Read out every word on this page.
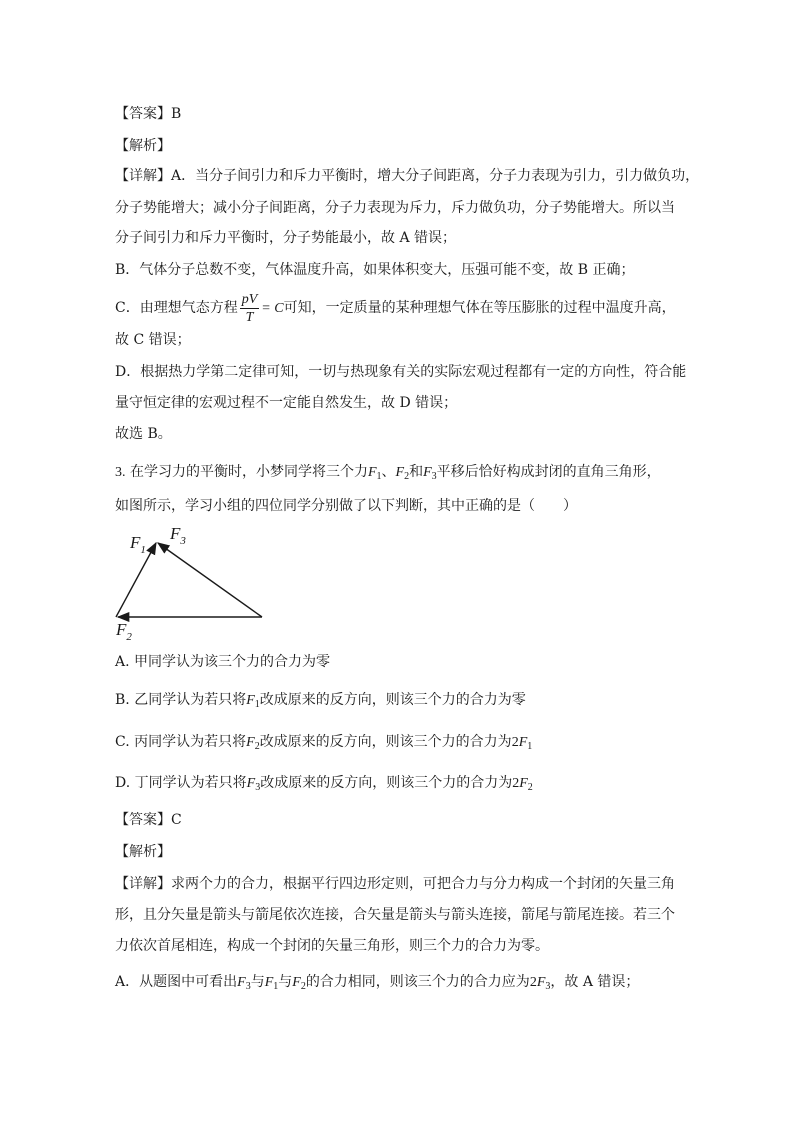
【答案】B
【解析】
【详解】A．当分子间引力和斥力平衡时，增大分子间距离，分子力表现为引力，引力做负功，
分子势能增大；减小分子间距离，分子力表现为斥力，斥力做负功，分子势能增大。所以当
分子间引力和斥力平衡时，分子势能最小，故 A 错误；
B．气体分子总数不变，气体温度升高，如果体积变大，压强可能不变，故 B 正确；
C．由理想气态方程 $\frac{pV}{T} = C$可知，一定质量的某种理想气体在等压膨胀的过程中温度升高，
故 C 错误；
D．根据热力学第二定律可知，一切与热现象有关的实际宏观过程都有一定的方向性，符合能
量守恒定律的宏观过程不一定能自然发生，故 D 错误；
故选 B。
3. 在学习力的平衡时，小梦同学将三个力$F_1$、$F_2$和$F_3$平移后恰好构成封闭的直角三角形，
如图所示，学习小组的四位同学分别做了以下判断，其中正确的是（　　）
$F_1$
$F_3$
$F_2$
A. 甲同学认为该三个力的合力为零
B. 乙同学认为若只将$F_1$改成原来的反方向，则该三个力的合力为零
C. 丙同学认为若只将$F_2$改成原来的反方向，则该三个力的合力为$2F_1$
D. 丁同学认为若只将$F_3$改成原来的反方向，则该三个力的合力为$2F_2$
【答案】C
【解析】
【详解】求两个力的合力，根据平行四边形定则，可把合力与分力构成一个封闭的矢量三角
形，且分矢量是箭头与箭尾依次连接，合矢量是箭头与箭头连接，箭尾与箭尾连接。若三个
力依次首尾相连，构成一个封闭的矢量三角形，则三个力的合力为零。
A．从题图中可看出$F_3$与$F_1$与$F_2$的合力相同，则该三个力的合力应为$2F_3$，故 A 错误；
